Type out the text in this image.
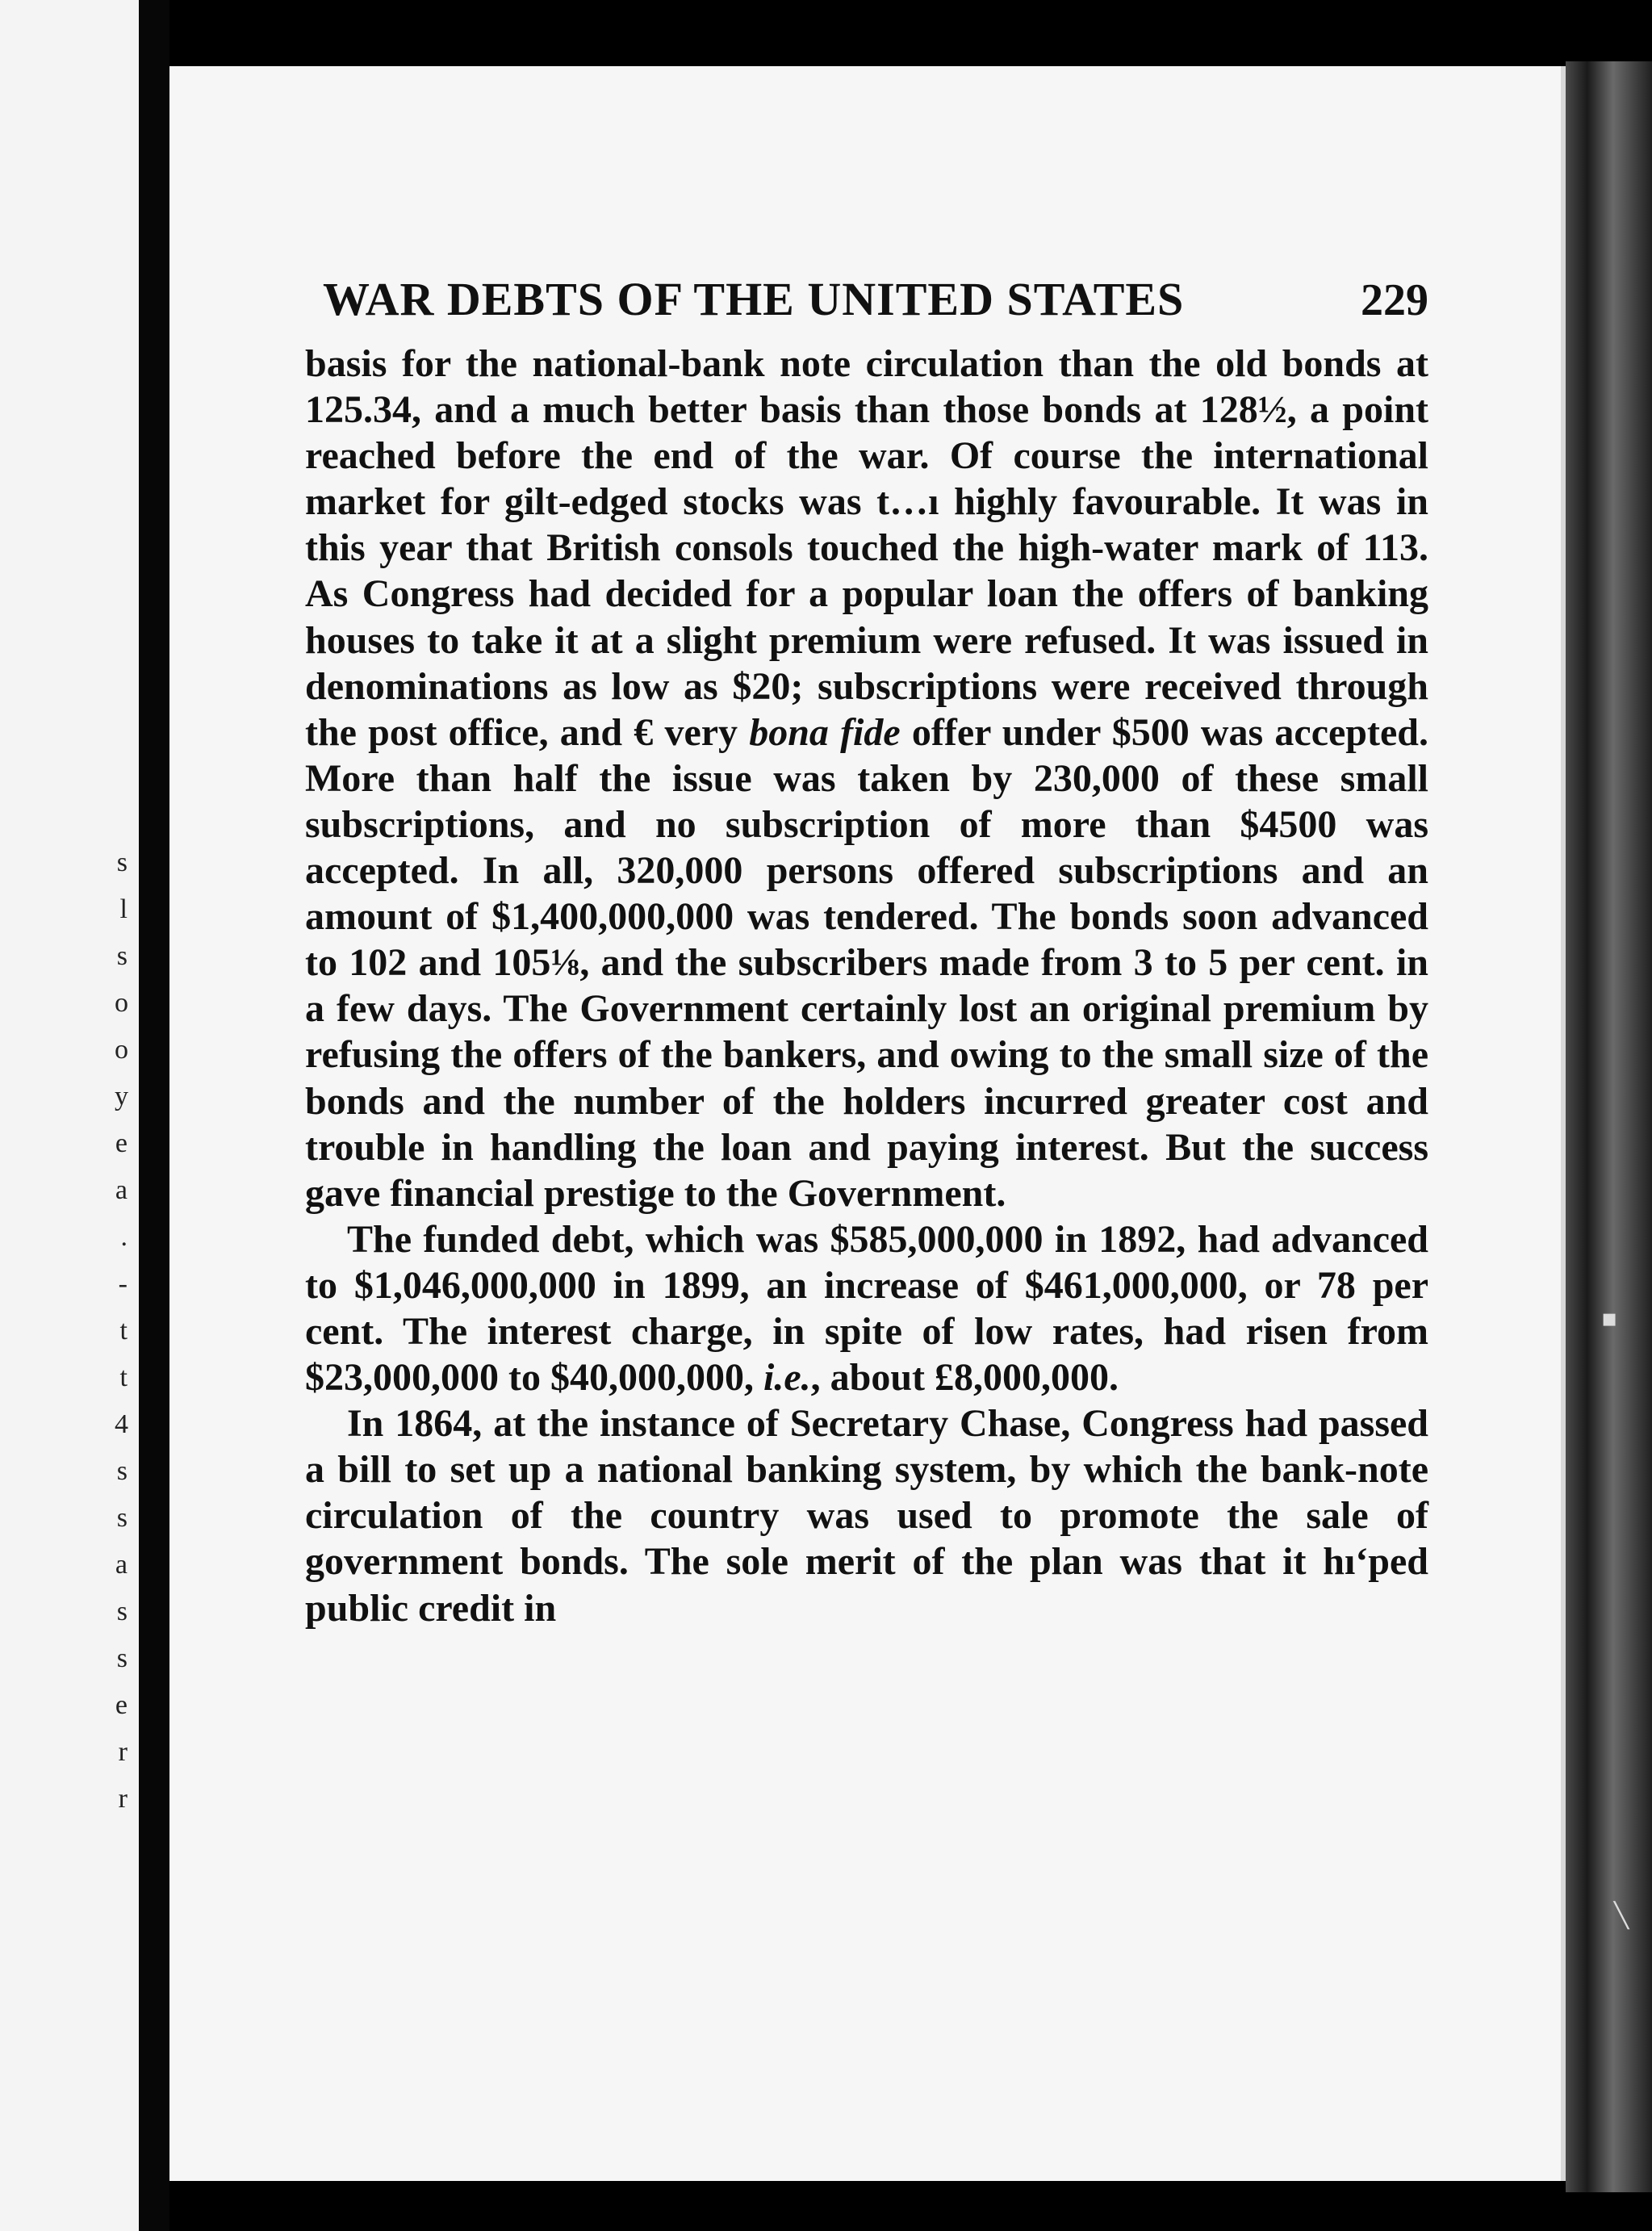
s
l
s
o
o
y
e
a
.
-
t
t
4
s
s
a
s
s
e
r
r
WAR DEBTS OF THE UNITED STATES	229

basis for the national-bank note circulation than the old bonds at 125.34, and a much better basis than those bonds at 128½, a point reached before the end of the war. Of course the international market for gilt-edged stocks was t…ı highly favourable. It was in this year that British consols touched the high-water mark of 113. As Congress had decided for a popular loan the offers of banking houses to take it at a slight premium were refused. It was issued in denominations as low as $20; subscriptions were received through the post office, and € very bona fide offer under $500 was accepted. More than half the issue was taken by 230,000 of these small subscriptions, and no subscription of more than $4500 was accepted. In all, 320,000 persons offered subscriptions and an amount of $1,400,000,000 was tendered. The bonds soon advanced to 102 and 105⅛, and the subscribers made from 3 to 5 per cent. in a few days. The Government certainly lost an original premium by refusing the offers of the bankers, and owing to the small size of the bonds and the number of the holders incurred greater cost and trouble in handling the loan and paying interest. But the success gave financial prestige to the Government.

The funded debt, which was $585,000,000 in 1892, had advanced to $1,046,000,000 in 1899, an increase of $461,000,000, or 78 per cent. The interest charge, in spite of low rates, had risen from $23,000,000 to $40,000,000, i.e., about £8,000,000.

In 1864, at the instance of Secretary Chase, Congress had passed a bill to set up a national banking system, by which the bank-note circulation of the country was used to promote the sale of government bonds. The sole merit of the plan was that it hıʻped public credit in

▪
╲
